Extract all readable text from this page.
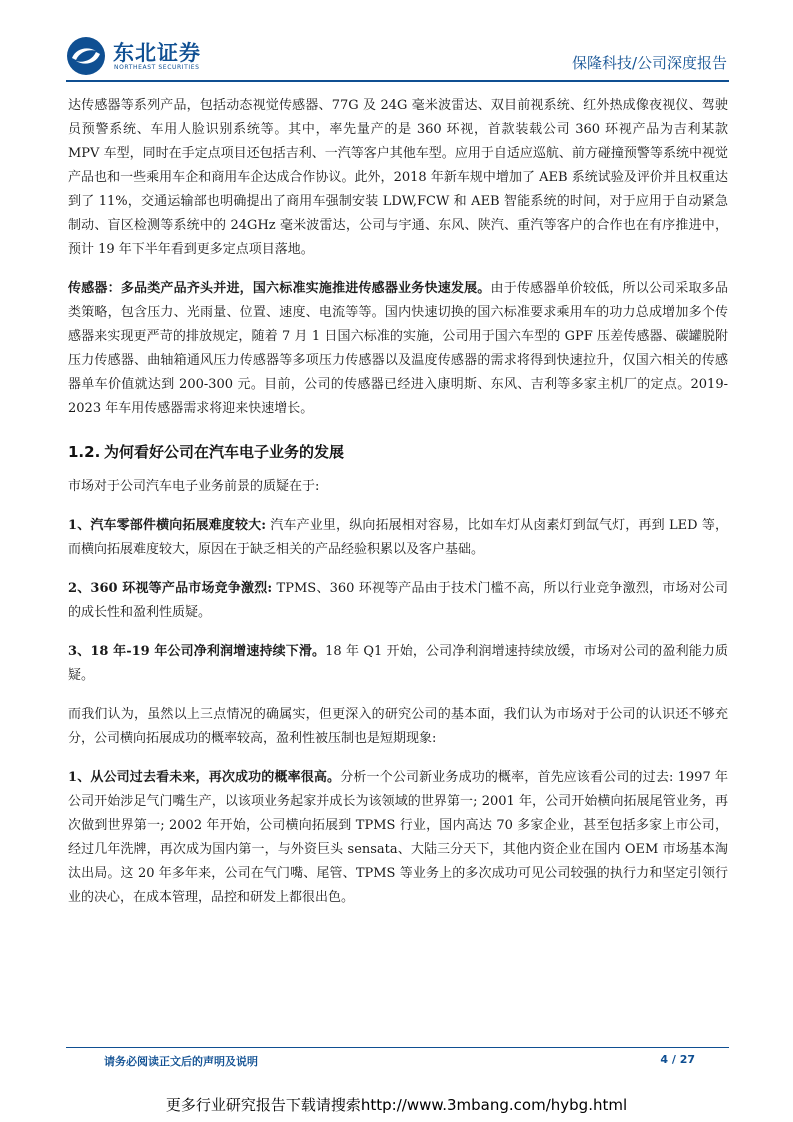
东北证券
NORTHEAST SECURITIES	保隆科技/公司深度报告

达传感器等系列产品，包括动态视觉传感器、77G 及 24G 毫米波雷达、双目前视系统、红外热成像夜视仪、驾驶员预警系统、车用人脸识别系统等。其中，率先量产的是 360 环视，首款装载公司 360 环视产品为吉利某款 MPV 车型，同时在手定点项目还包括吉利、一汽等客户其他车型。应用于自适应巡航、前方碰撞预警等系统中视觉产品也和一些乘用车企和商用车企达成合作协议。此外，2018 年新车规中增加了 AEB 系统试验及评价并且权重达到了 11%，交通运输部也明确提出了商用车强制安装 LDW,FCW 和 AEB 智能系统的时间，对于应用于自动紧急制动、盲区检测等系统中的 24GHz 毫米波雷达，公司与宇通、东风、陕汽、重汽等客户的合作也在有序推进中，预计 19 年下半年看到更多定点项目落地。

传感器：多品类产品齐头并进，国六标准实施推进传感器业务快速发展。由于传感器单价较低，所以公司采取多品类策略，包含压力、光雨量、位置、速度、电流等等。国内快速切换的国六标准要求乘用车的功力总成增加多个传感器来实现更严苛的排放规定，随着 7 月 1 日国六标准的实施，公司用于国六车型的 GPF 压差传感器、碳罐脱附压力传感器、曲轴箱通风压力传感器等多项压力传感器以及温度传感器的需求将得到快速拉升，仅国六相关的传感器单车价值就达到 200-300 元。目前，公司的传感器已经进入康明斯、东风、吉利等多家主机厂的定点。2019-2023 年车用传感器需求将迎来快速增长。

1.2. 为何看好公司在汽车电子业务的发展

市场对于公司汽车电子业务前景的质疑在于:

1、汽车零部件横向拓展难度较大: 汽车产业里，纵向拓展相对容易，比如车灯从卤素灯到氙气灯，再到 LED 等，而横向拓展难度较大，原因在于缺乏相关的产品经验积累以及客户基础。

2、360 环视等产品市场竞争激烈: TPMS、360 环视等产品由于技术门槛不高，所以行业竞争激烈，市场对公司的成长性和盈利性质疑。

3、18 年-19 年公司净利润增速持续下滑。18 年 Q1 开始，公司净利润增速持续放缓，市场对公司的盈利能力质疑。

而我们认为，虽然以上三点情况的确属实，但更深入的研究公司的基本面，我们认为市场对于公司的认识还不够充分，公司横向拓展成功的概率较高，盈利性被压制也是短期现象:

1、从公司过去看未来，再次成功的概率很高。分析一个公司新业务成功的概率，首先应该看公司的过去: 1997 年公司开始涉足气门嘴生产，以该项业务起家并成长为该领域的世界第一; 2001 年，公司开始横向拓展尾管业务，再次做到世界第一; 2002 年开始，公司横向拓展到 TPMS 行业，国内高达 70 多家企业，甚至包括多家上市公司，经过几年洗牌，再次成为国内第一，与外资巨头 sensata、大陆三分天下，其他内资企业在国内 OEM 市场基本淘汰出局。这 20 年多年来，公司在气门嘴、尾管、TPMS 等业务上的多次成功可见公司较强的执行力和坚定引领行业的决心，在成本管理，品控和研发上都很出色。

请务必阅读正文后的声明及说明	4 / 27
更多行业研究报告下载请搜索http://www.3mbang.com/hybg.html
